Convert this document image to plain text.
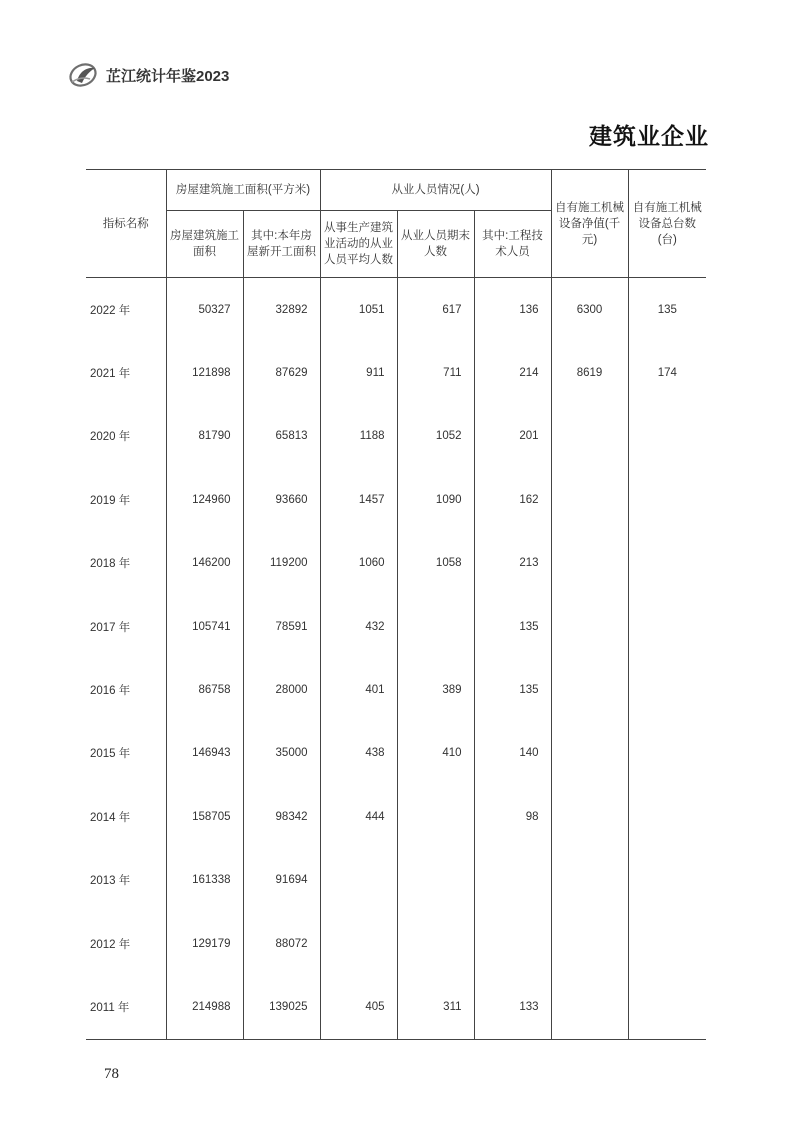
芷江统计年鉴2023
建筑业企业
指标名称	房屋建筑施工面积(平方米)		从业人员情况(人)			自有施工机械设备净值(千元)	自有施工机械设备总台数(台)
	房屋建筑施工面积	其中:本年房屋新开工面积	从事生产建筑业活动的从业人员平均人数	从业人员期末人数	其中:工程技术人员		
2022 年	50327	32892	1051	617	136	6300	135
2021 年	121898	87629	911	711	214	8619	174
2020 年	81790	65813	1188	1052	201		
2019 年	124960	93660	1457	1090	162		
2018 年	146200	119200	1060	1058	213		
2017 年	105741	78591	432		135		
2016 年	86758	28000	401	389	135		
2015 年	146943	35000	438	410	140		
2014 年	158705	98342	444		98		
2013 年	161338	91694					
2012 年	129179	88072					
2011 年	214988	139025	405	311	133		
78
